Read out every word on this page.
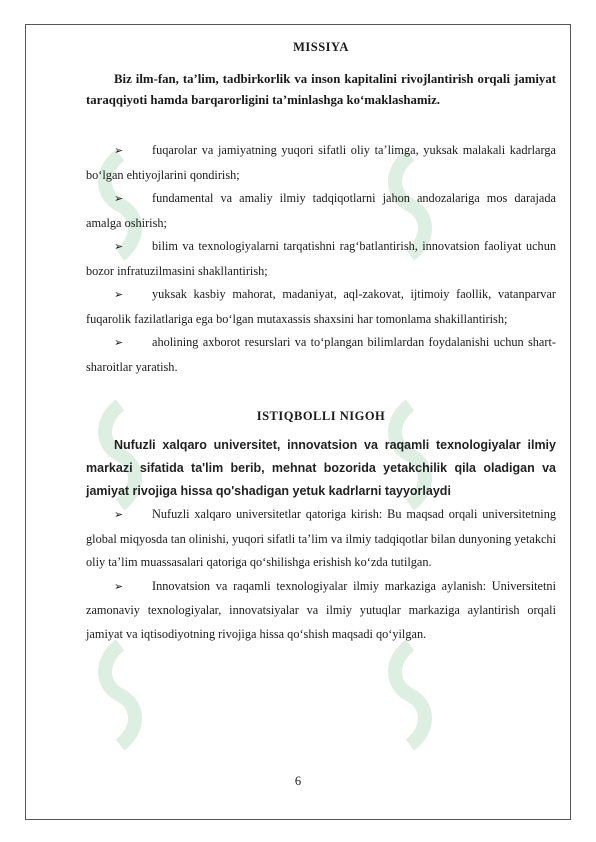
MISSIYA

Biz ilm-fan, ta’lim, tadbirkorlik va inson kapitalini rivojlantirish orqali jamiyat taraqqiyoti hamda barqarorligini ta’minlashga ko‘maklashamiz.

➢ fuqarolar va jamiyatning yuqori sifatli oliy ta’limga, yuksak malakali kadrlarga bo‘lgan ehtiyojlarini qondirish;

➢ fundamental va amaliy ilmiy tadqiqotlarni jahon andozalariga mos darajada amalga oshirish;

➢ bilim va texnologiyalarni tarqatishni rag‘batlantirish, innovatsion faoliyat uchun bozor infratuzilmasini shakllantirish;

➢ yuksak kasbiy mahorat, madaniyat, aql-zakovat, ijtimoiy faollik, vatanparvar fuqarolik fazilatlariga ega bo‘lgan mutaxassis shaxsini har tomonlama shakillantirish;

➢ aholining axborot resurslari va to‘plangan bilimlardan foydalanishi uchun shart-sharoitlar yaratish.

ISTIQBOLLI NIGOH

Nufuzli xalqaro universitet, innovatsion va raqamli texnologiyalar ilmiy markazi sifatida ta'lim berib, mehnat bozorida yetakchilik qila oladigan va jamiyat rivojiga hissa qo'shadigan yetuk kadrlarni tayyorlaydi

➢ Nufuzli xalqaro universitetlar qatoriga kirish: Bu maqsad orqali universitetning global miqyosda tan olinishi, yuqori sifatli ta’lim va ilmiy tadqiqotlar bilan dunyoning yetakchi oliy ta’lim muassasalari qatoriga qo‘shilishga erishish ko‘zda tutilgan.

➢ Innovatsion va raqamli texnologiyalar ilmiy markaziga aylanish: Universitetni zamonaviy texnologiyalar, innovatsiyalar va ilmiy yutuqlar markaziga aylantirish orqali jamiyat va iqtisodiyotning rivojiga hissa qo‘shish maqsadi qo‘yilgan.

6
